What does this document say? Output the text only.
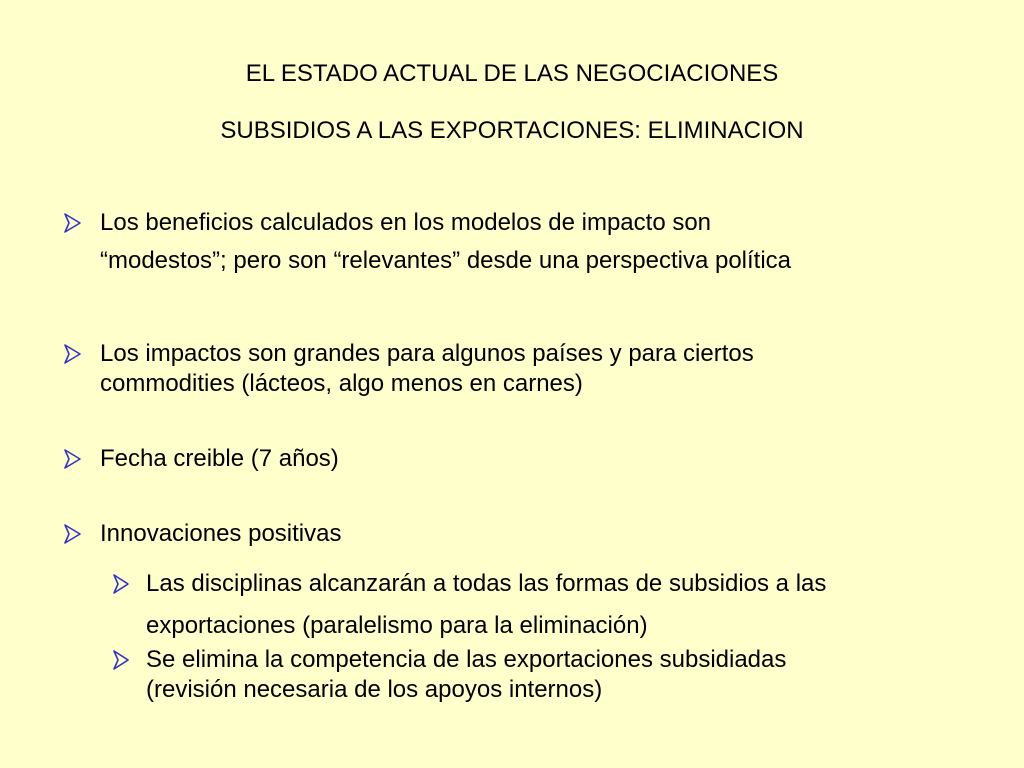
EL ESTADO ACTUAL DE LAS NEGOCIACIONES
SUBSIDIOS A LAS EXPORTACIONES: ELIMINACION
Los beneficios calculados en los modelos de impacto son
“modestos”; pero son “relevantes” desde una perspectiva política
Los impactos son grandes para algunos países y para ciertos
commodities (lácteos, algo menos en carnes)
Fecha creible (7 años)
Innovaciones positivas
Las disciplinas alcanzarán a todas las formas de subsidios a las
exportaciones (paralelismo para la eliminación)
Se elimina la competencia de las exportaciones subsidiadas
(revisión necesaria de los apoyos internos)
